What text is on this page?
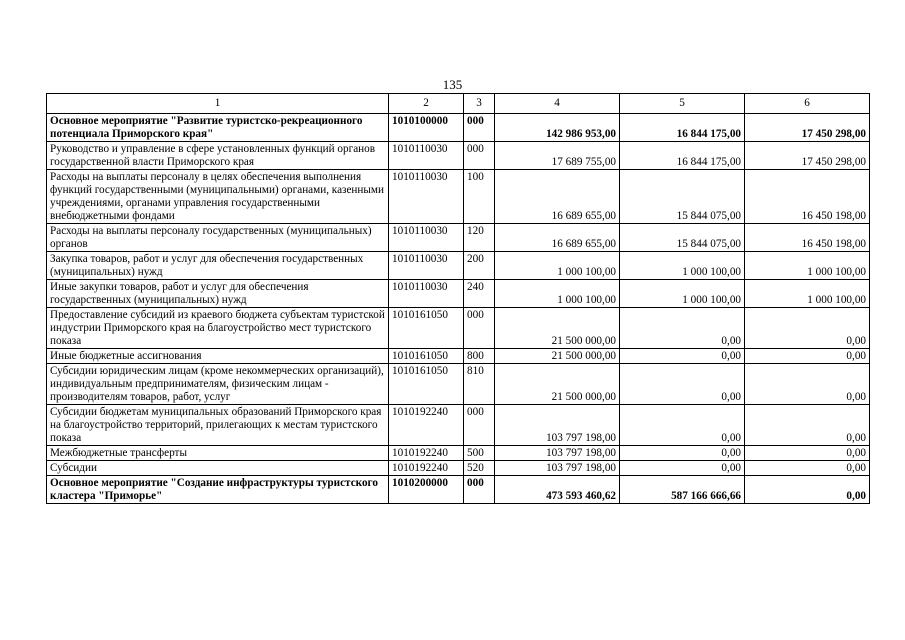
135
1	2	3	4	5	6
Основное мероприятие "Развитие туристско-рекреационного потенциала Приморского края"	1010100000	000	142 986 953,00	16 844 175,00	17 450 298,00
Руководство и управление в сфере установленных функций органов государственной власти Приморского края	1010110030	000	17 689 755,00	16 844 175,00	17 450 298,00
Расходы на выплаты персоналу в целях обеспечения выполнения функций государственными (муниципальными) органами, казенными учреждениями, органами управления государственными внебюджетными фондами	1010110030	100	16 689 655,00	15 844 075,00	16 450 198,00
Расходы на выплаты персоналу государственных (муниципальных) органов	1010110030	120	16 689 655,00	15 844 075,00	16 450 198,00
Закупка товаров, работ и услуг для обеспечения государственных (муниципальных) нужд	1010110030	200	1 000 100,00	1 000 100,00	1 000 100,00
Иные закупки товаров, работ и услуг для обеспечения государственных (муниципальных) нужд	1010110030	240	1 000 100,00	1 000 100,00	1 000 100,00
Предоставление субсидий из краевого бюджета субъектам туристской индустрии Приморского края на благоустройство мест туристского показа	1010161050	000	21 500 000,00	0,00	0,00
Иные бюджетные ассигнования	1010161050	800	21 500 000,00	0,00	0,00
Субсидии юридическим лицам (кроме некоммерческих организаций), индивидуальным предпринимателям, физическим лицам - производителям товаров, работ, услуг	1010161050	810	21 500 000,00	0,00	0,00
Субсидии бюджетам муниципальных образований Приморского края на благоустройство территорий, прилегающих к местам туристского показа	1010192240	000	103 797 198,00	0,00	0,00
Межбюджетные трансферты	1010192240	500	103 797 198,00	0,00	0,00
Субсидии	1010192240	520	103 797 198,00	0,00	0,00
Основное мероприятие "Создание инфраструктуры туристского кластера "Приморье"	1010200000	000	473 593 460,62	587 166 666,66	0,00
